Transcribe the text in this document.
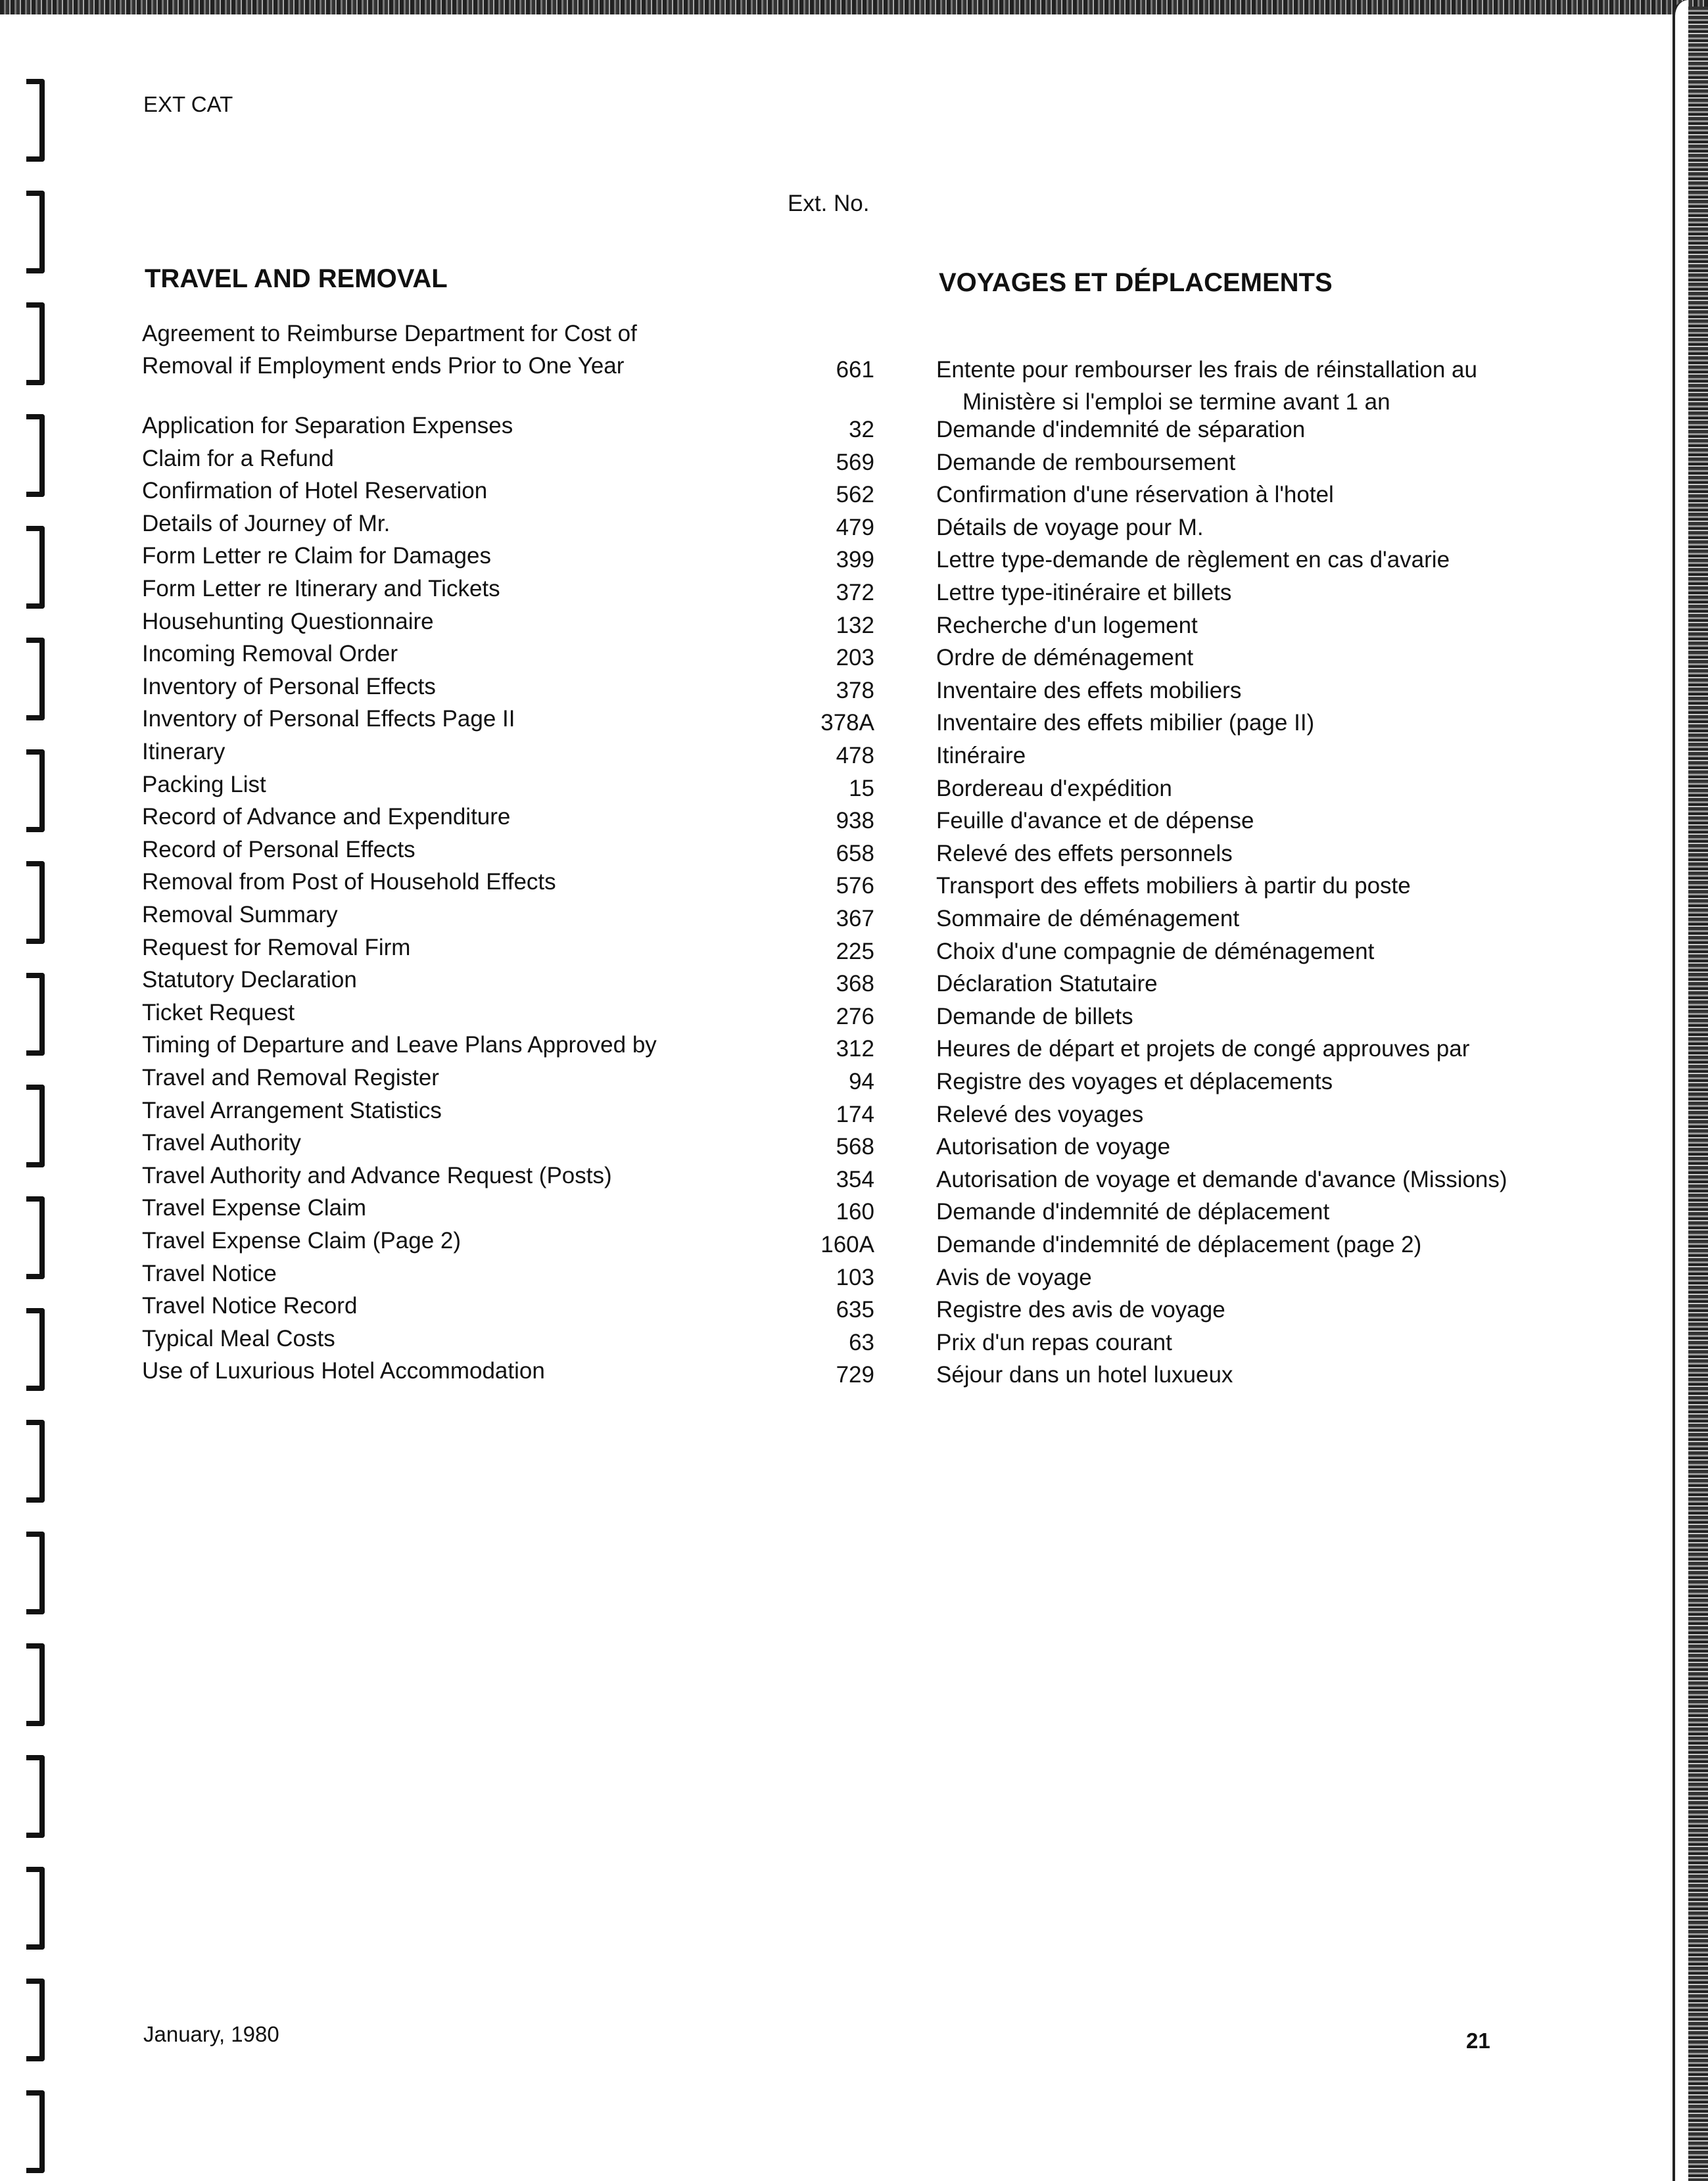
EXT CAT
Ext. No.
TRAVEL AND REMOVAL	VOYAGES ET DÉPLACEMENTS
Agreement to Reimburse Department for Cost of
Removal if Employment ends Prior to One Year	661	Entente pour rembourser les frais de réinstallation au
Ministère si l'emploi se termine avant 1 an
Application for Separation Expenses	32	Demande d'indemnité de séparation
Claim for a Refund	569	Demande de remboursement
Confirmation of Hotel Reservation	562	Confirmation d'une réservation à l'hotel
Details of Journey of Mr.	479	Détails de voyage pour M.
Form Letter re Claim for Damages	399	Lettre type-demande de règlement en cas d'avarie
Form Letter re Itinerary and Tickets	372	Lettre type-itinéraire et billets
Househunting Questionnaire	132	Recherche d'un logement
Incoming Removal Order	203	Ordre de déménagement
Inventory of Personal Effects	378	Inventaire des effets mobiliers
Inventory of Personal Effects Page II	378A	Inventaire des effets mibilier (page II)
Itinerary	478	Itinéraire
Packing List	15	Bordereau d'expédition
Record of Advance and Expenditure	938	Feuille d'avance et de dépense
Record of Personal Effects	658	Relevé des effets personnels
Removal from Post of Household Effects	576	Transport des effets mobiliers à partir du poste
Removal Summary	367	Sommaire de déménagement
Request for Removal Firm	225	Choix d'une compagnie de déménagement
Statutory Declaration	368	Déclaration Statutaire
Ticket Request	276	Demande de billets
Timing of Departure and Leave Plans Approved by	312	Heures de départ et projets de congé approuves par
Travel and Removal Register	94	Registre des voyages et déplacements
Travel Arrangement Statistics	174	Relevé des voyages
Travel Authority	568	Autorisation de voyage
Travel Authority and Advance Request (Posts)	354	Autorisation de voyage et demande d'avance (Missions)
Travel Expense Claim	160	Demande d'indemnité de déplacement
Travel Expense Claim (Page 2)	160A	Demande d'indemnité de déplacement (page 2)
Travel Notice	103	Avis de voyage
Travel Notice Record	635	Registre des avis de voyage
Typical Meal Costs	63	Prix d'un repas courant
Use of Luxurious Hotel Accommodation	729	Séjour dans un hotel luxueux
January, 1980	21
